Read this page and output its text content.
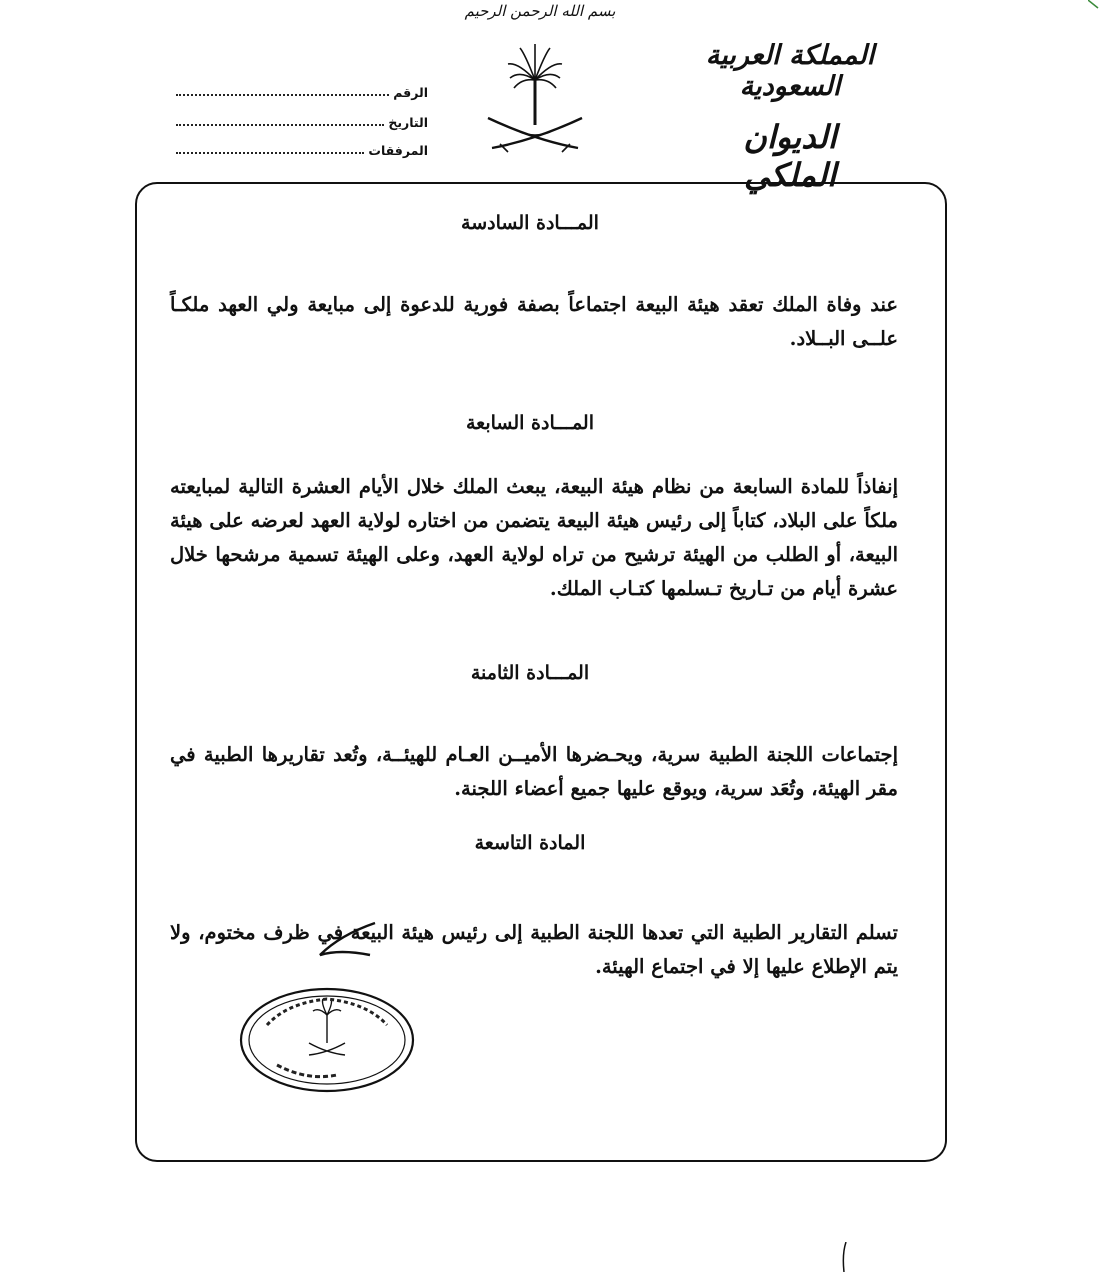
بسم الله الرحمن الرحيم
المملكة العربية السعودية
الديوان الملكي
الرقم
التاريخ
المرفقات
المـــادة السادسة
عند وفاة الملك تعقد هيئة البيعة اجتماعاً بصفة فورية للدعوة إلى مبايعة ولي العهد ملكـاً علــى البــلاد.
المـــادة السابعة
إنفاذاً للمادة السابعة من نظام هيئة البيعة، يبعث الملك خلال الأيام العشرة التالية لمبايعته ملكاً على البلاد، كتاباً إلى رئيس هيئة البيعة يتضمن من اختاره لولاية العهد لعرضه على هيئة البيعة، أو الطلب من الهيئة ترشيح من تراه لولاية العهد، وعلى الهيئة تسمية مرشحها خلال عشرة أيام من تـاريخ تـسلمها كتـاب الملك.
المـــادة الثامنة
إجتماعات اللجنة الطبية سرية، ويحـضرها الأميــن العـام للهيئــة، وتُعد تقاريرها الطبية في مقر الهيئة، وتُعَد سرية، ويوقع عليها جميع أعضاء اللجنة.
المادة التاسعة
تسلم التقارير الطبية التي تعدها اللجنة الطبية إلى رئيس هيئة البيعة في ظرف مختوم، ولا يتم الإطلاع عليها إلا في اجتماع الهيئة.
